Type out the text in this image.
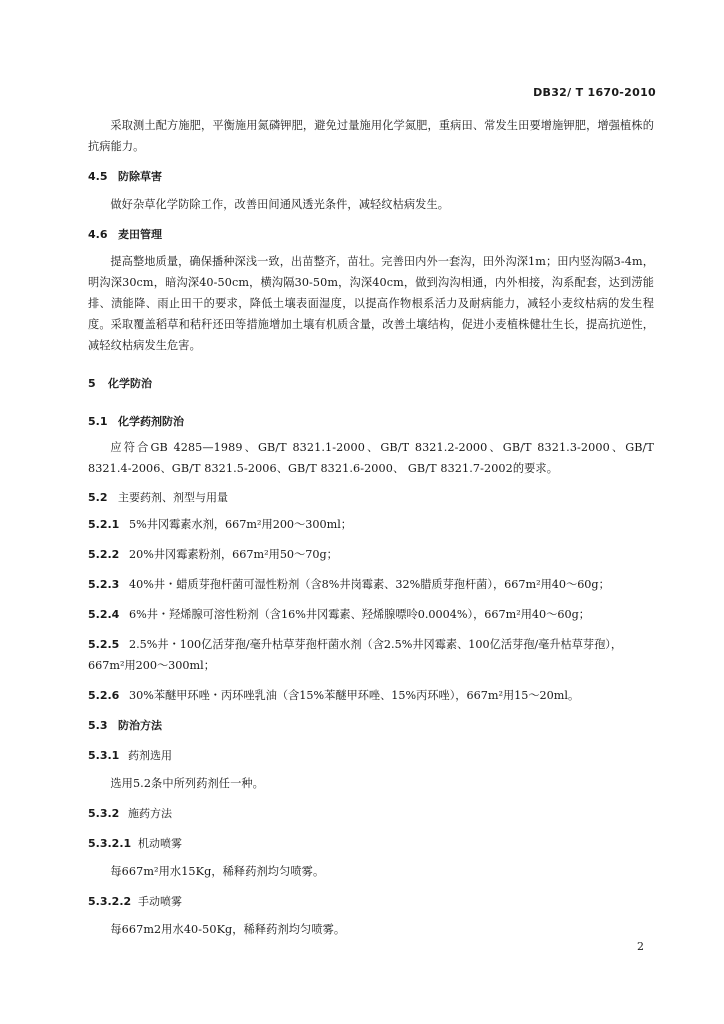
DB32/ T 1670-2010

采取测土配方施肥，平衡施用氮磷钾肥，避免过量施用化学氮肥，重病田、常发生田要增施钾肥，增强植株的抗病能力。

4.5 防除草害

做好杂草化学防除工作，改善田间通风透光条件，减轻纹枯病发生。

4.6 麦田管理

提高整地质量，确保播种深浅一致，出苗整齐，苗壮。完善田内外一套沟，田外沟深1m；田内竖沟隔3-4m，明沟深30cm，暗沟深40-50cm，横沟隔30-50m，沟深40cm，做到沟沟相通，内外相接，沟系配套，达到涝能排、渍能降、雨止田干的要求，降低土壤表面湿度，以提高作物根系活力及耐病能力，减轻小麦纹枯病的发生程度。采取覆盖稻草和秸秆还田等措施增加土壤有机质含量，改善土壤结构，促进小麦植株健壮生长，提高抗逆性，减轻纹枯病发生危害。

5 化学防治

5.1 化学药剂防治

应符合GB 4285—1989、GB/T 8321.1-2000、GB/T 8321.2-2000、GB/T 8321.3-2000、GB/T 8321.4-2006、GB/T 8321.5-2006、GB/T 8321.6-2000、 GB/T 8321.7-2002的要求。

5.2 主要药剂、剂型与用量

5.2.1 5%井冈霉素水剂，667m²用200～300ml；

5.2.2 20%井冈霉素粉剂，667m²用50～70g；

5.2.3 40%井・蜡质芽孢杆菌可湿性粉剂（含8%井岗霉素、32%腊质芽孢杆菌），667m²用40～60g；

5.2.4 6%井・羟烯腺可溶性粉剂（含16%井冈霉素、羟烯腺嘌呤0.0004%），667m²用40～60g；

5.2.5 2.5%井・100亿活芽孢/毫升枯草芽孢杆菌水剂（含2.5%井冈霉素、100亿活芽孢/毫升枯草芽孢），667m²用200～300ml；

5.2.6 30%苯醚甲环唑・丙环唑乳油（含15%苯醚甲环唑、15%丙环唑），667m²用15～20ml。

5.3 防治方法

5.3.1 药剂选用

选用5.2条中所列药剂任一种。

5.3.2 施药方法

5.3.2.1 机动喷雾

每667m²用水15Kg，稀释药剂均匀喷雾。

5.3.2.2 手动喷雾

每667m2用水40-50Kg，稀释药剂均匀喷雾。

2
